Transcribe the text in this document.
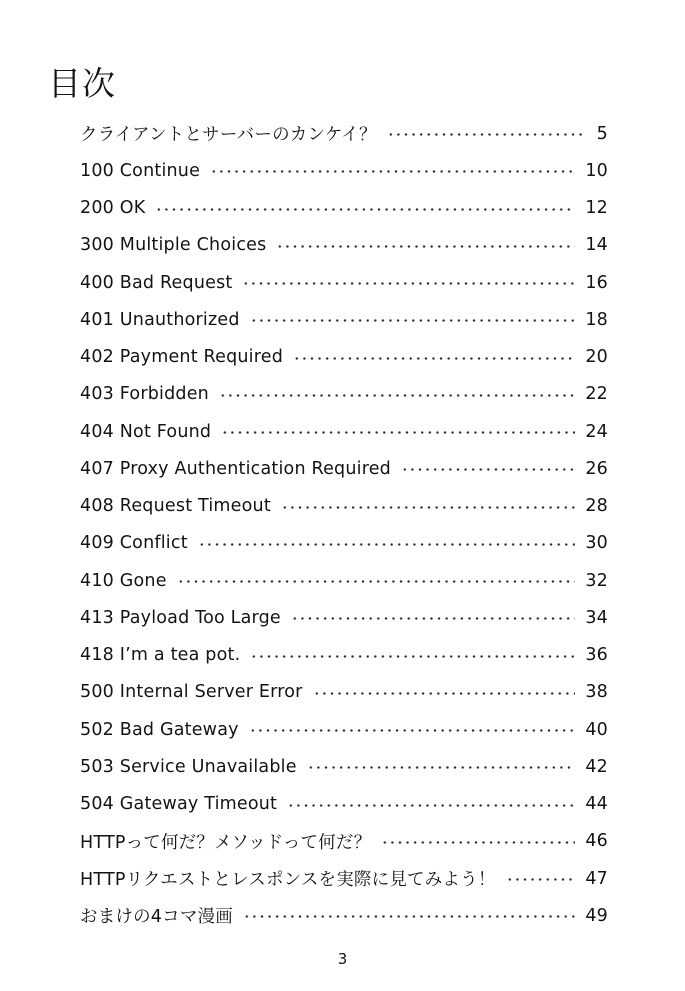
目次
クライアントとサーバーのカンケイ？	5
100 Continue	10
200 OK	12
300 Multiple Choices	14
400 Bad Request	16
401 Unauthorized	18
402 Payment Required	20
403 Forbidden	22
404 Not Found	24
407 Proxy Authentication Required	26
408 Request Timeout	28
409 Conflict	30
410 Gone	32
413 Payload Too Large	34
418 I’m a tea pot.	36
500 Internal Server Error	38
502 Bad Gateway	40
503 Service Unavailable	42
504 Gateway Timeout	44
HTTPって何だ？メソッドって何だ？	46
HTTPリクエストとレスポンスを実際に見てみよう！	47
おまけの4コマ漫画	49
3
